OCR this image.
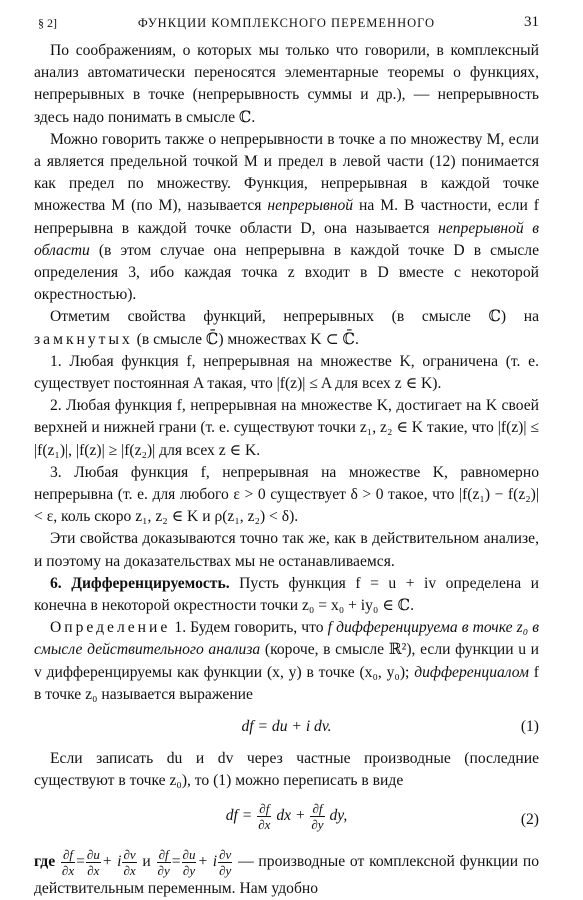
§ 2]	ФУНКЦИИ КОМПЛЕКСНОГО ПЕРЕМЕННОГО	31

По соображениям, о которых мы только что говорили, в комплексный анализ автоматически переносятся элементарные теоремы о функциях, непрерывных в точке (непрерывность суммы и др.), — непрерывность здесь надо понимать в смысле ℂ.

Можно говорить также о непрерывности в точке a по множеству M, если a является предельной точкой M и предел в левой части (12) понимается как предел по множеству. Функция, непрерывная в каждой точке множества M (по M), называется непрерывной на M. В частности, если f непрерывна в каждой точке области D, она называется непрерывной в области (в этом случае она непрерывна в каждой точке D в смысле определения 3, ибо каждая точка z входит в D вместе с некоторой окрестностью).

Отметим свойства функций, непрерывных (в смысле ℂ) на замкнутых (в смысле ℂ̄) множествах K ⊂ ℂ̄.

1. Любая функция f, непрерывная на множестве K, ограничена (т. е. существует постоянная A такая, что |f(z)| ≤ A для всех z ∈ K).

2. Любая функция f, непрерывная на множестве K, достигает на K своей верхней и нижней грани (т. е. существуют точки z₁, z₂ ∈ K такие, что |f(z)| ≤ |f(z₁)|, |f(z)| ≥ |f(z₂)| для всех z ∈ K.

3. Любая функция f, непрерывная на множестве K, равномерно непрерывна (т. е. для любого ε > 0 существует δ > 0 такое, что |f(z₁) − f(z₂)| < ε, коль скоро z₁, z₂ ∈ K и ρ(z₁, z₂) < δ).

Эти свойства доказываются точно так же, как в действительном анализе, и поэтому на доказательствах мы не останавливаемся.

6. Дифференцируемость. Пусть функция f = u + iv определена и конечна в некоторой окрестности точки z₀ = x₀ + iy₀ ∈ ℂ.

Определение 1. Будем говорить, что f дифференцируема в точке z₀ в смысле действительного анализа (короче, в смысле ℝ²), если функции u и v дифференцируемы как функции (x, y) в точке (x₀, y₀); дифференциалом f в точке z₀ называется выражение

df = du + i dv.	(1)

Если записать du и dv через частные производные (последние существуют в точке z₀), то (1) можно переписать в виде

df = $\frac{\partial f}{\partial x}$ dx + $\frac{\partial f}{\partial y}$ dy,	(2)

где $\frac{\partial f}{\partial x} = \frac{\partial u}{\partial x} + i \frac{\partial v}{\partial x}$ и $\frac{\partial f}{\partial y} = \frac{\partial u}{\partial y} + i \frac{\partial v}{\partial y}$ — производные от комплексной функции по действительным переменным. Нам удобно
